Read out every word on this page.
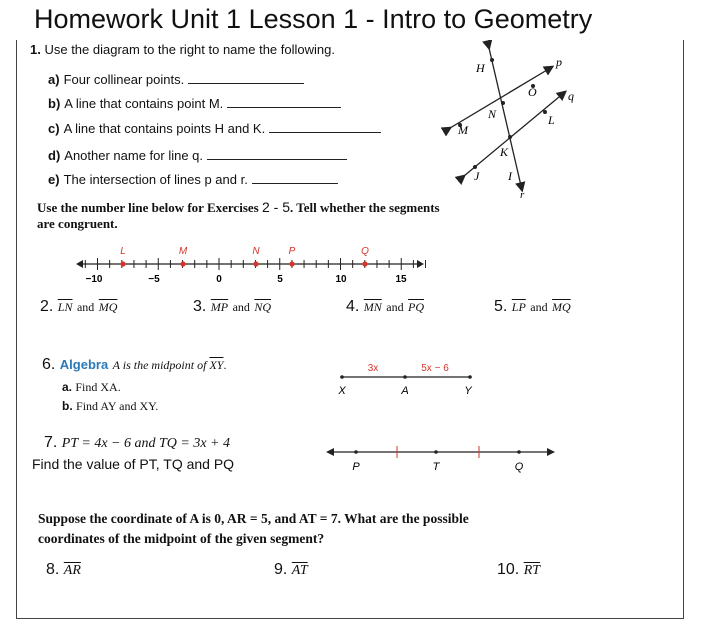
Homework Unit 1 Lesson 1 - Intro to Geometry
1. Use the diagram to the right to name the following.
a) Four collinear points.
b) A line that contains point M.
c) A line that contains points H and K.
d) Another name for line q.
e) The intersection of lines p and r.
H	p
O	q
N	L
M
K
J I
r
Use the number line below for Exercises 2 - 5. Tell whether the segments
are congruent.
−10	−5	0	5	10	15
L	M	N	P	Q
2. $\overline{LN}$ and $\overline{MQ}$	3. $\overline{MP}$ and $\overline{NQ}$	4. $\overline{MN}$ and $\overline{PQ}$	5. $\overline{LP}$ and $\overline{MQ}$
6. Algebra A is the midpoint of $\overline{XY}$.
a. Find XA.
b. Find AY and XY.
3x	5x − 6
X	A	Y
7. PT = 4x − 6 and TQ = 3x + 4
Find the value of PT, TQ and PQ	P	T	Q
Suppose the coordinate of A is 0, AR = 5, and AT = 7. What are the possible
coordinates of the midpoint of the given segment?
8. $\overline{AR}$	9. $\overline{AT}$	10. $\overline{RT}$
